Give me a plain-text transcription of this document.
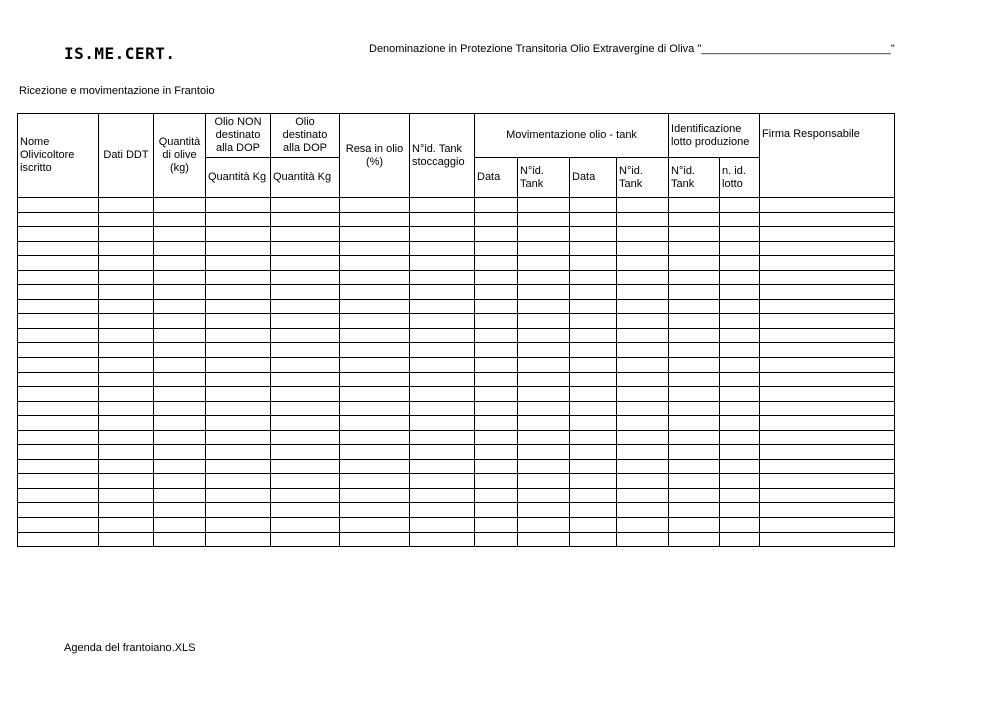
IS.ME.CERT.	Denominazione in Protezione Transitoria Olio Extravergine di Oliva "_______________________________"
Ricezione e movimentazione in Frantoio
Nome Olivicoltore iscritto	Dati DDT	Quantità di olive (kg)	Olio NON destinato alla DOP	Olio destinato alla DOP	Resa in olio (%)	N°id. Tank stoccaggio	Movimentazione olio - tank				Identificazione lotto produzione		Firma Responsabile
			Quantità Kg	Quantità Kg			Data	N°id. Tank	Data	N°id. Tank	N°id. Tank	n. id. lotto	

Agenda del frantoiano.XLS
